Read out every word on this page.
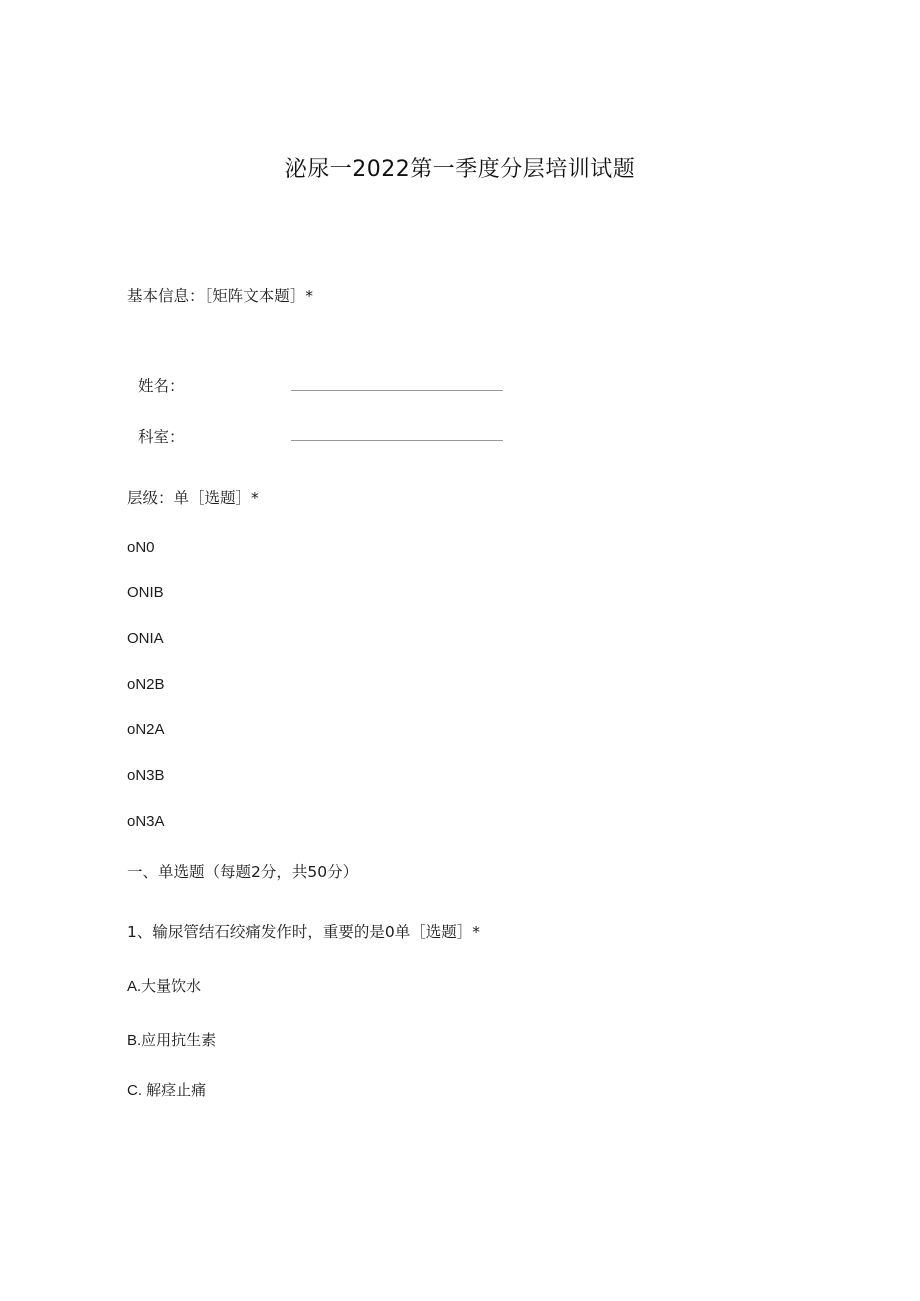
泌尿一2022第一季度分层培训试题
基本信息：［矩阵文本题］*
姓名：
科室：
层级：单［选题］*
oN0
ONIB
ONIA
oN2B
oN2A
oN3B
oN3A
一、单选题（每题2分，共50分）
1、输尿管结石绞痛发作时，重要的是0单［选题］*
A.大量饮水
B.应用抗生素
C. 解痉止痛
